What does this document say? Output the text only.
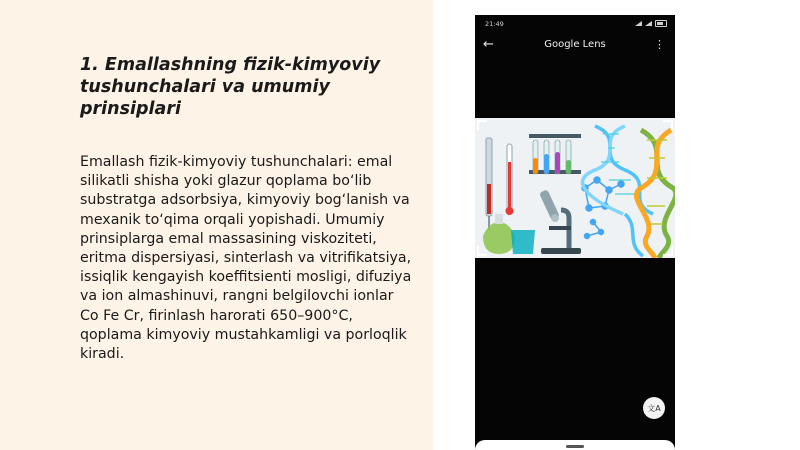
1. Emallashning fizik-kimyoviy tushunchalari va umumiy prinsiplari

Emallash fizik-kimyoviy tushunchalari: emal silikatli shisha yoki glazur qoplama bo‘lib substratga adsorbsiya, kimyoviy bog‘lanish va mexanik to‘qima orqali yopishadi. Umumiy prinsiplarga emal massasining viskoziteti, eritma dispersiyasi, sinterlash va vitrifikatsiya, issiqlik kengayish koeffitsienti mosligi, difuziya va ion almashinuvi, rangni belgilovchi ionlar Co Fe Cr, firinlash harorati 650–900°C, qoplama kimyoviy mustahkamligi va porloqlik kiradi.

21:49
←	Google Lens	⋮
文A
